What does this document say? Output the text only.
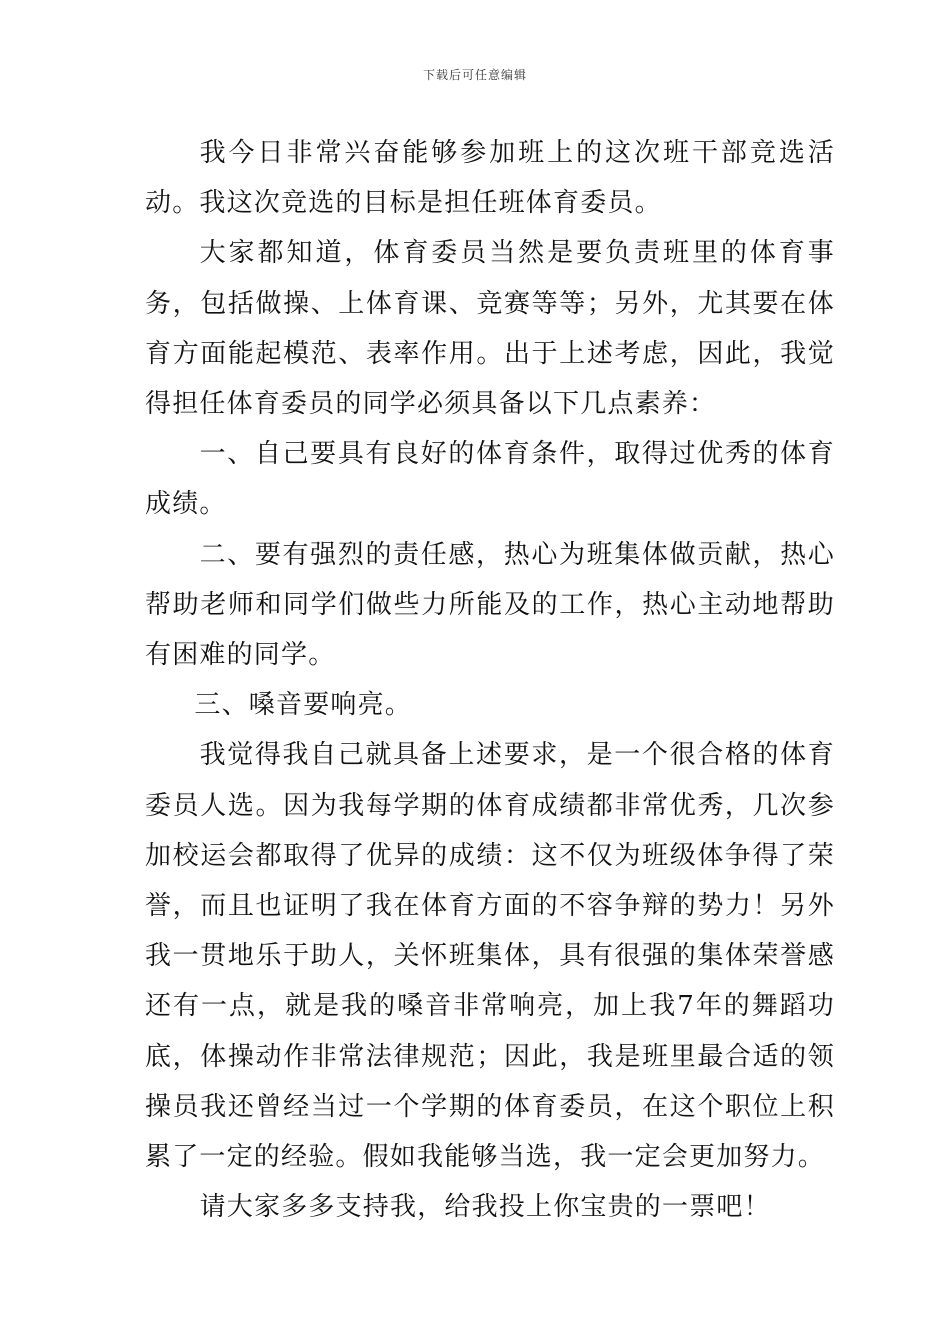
下载后可任意编辑

我今日非常兴奋能够参加班上的这次班干部竞选活动。我这次竞选的目标是担任班体育委员。

大家都知道，体育委员当然是要负责班里的体育事务，包括做操、上体育课、竞赛等等；另外，尤其要在体育方面能起模范、表率作用。出于上述考虑，因此，我觉得担任体育委员的同学必须具备以下几点素养：

一、自己要具有良好的体育条件，取得过优秀的体育成绩。

二、要有强烈的责任感，热心为班集体做贡献，热心帮助老师和同学们做些力所能及的工作，热心主动地帮助有困难的同学。

三、嗓音要响亮。

我觉得我自己就具备上述要求，是一个很合格的体育委员人选。因为我每学期的体育成绩都非常优秀，几次参加校运会都取得了优异的成绩：这不仅为班级体争得了荣誉，而且也证明了我在体育方面的不容争辩的势力！另外我一贯地乐于助人，关怀班集体，具有很强的集体荣誉感还有一点，就是我的嗓音非常响亮，加上我7年的舞蹈功底，体操动作非常法律规范；因此，我是班里最合适的领操员我还曾经当过一个学期的体育委员，在这个职位上积累了一定的经验。假如我能够当选，我一定会更加努力。

请大家多多支持我，给我投上你宝贵的一票吧！
